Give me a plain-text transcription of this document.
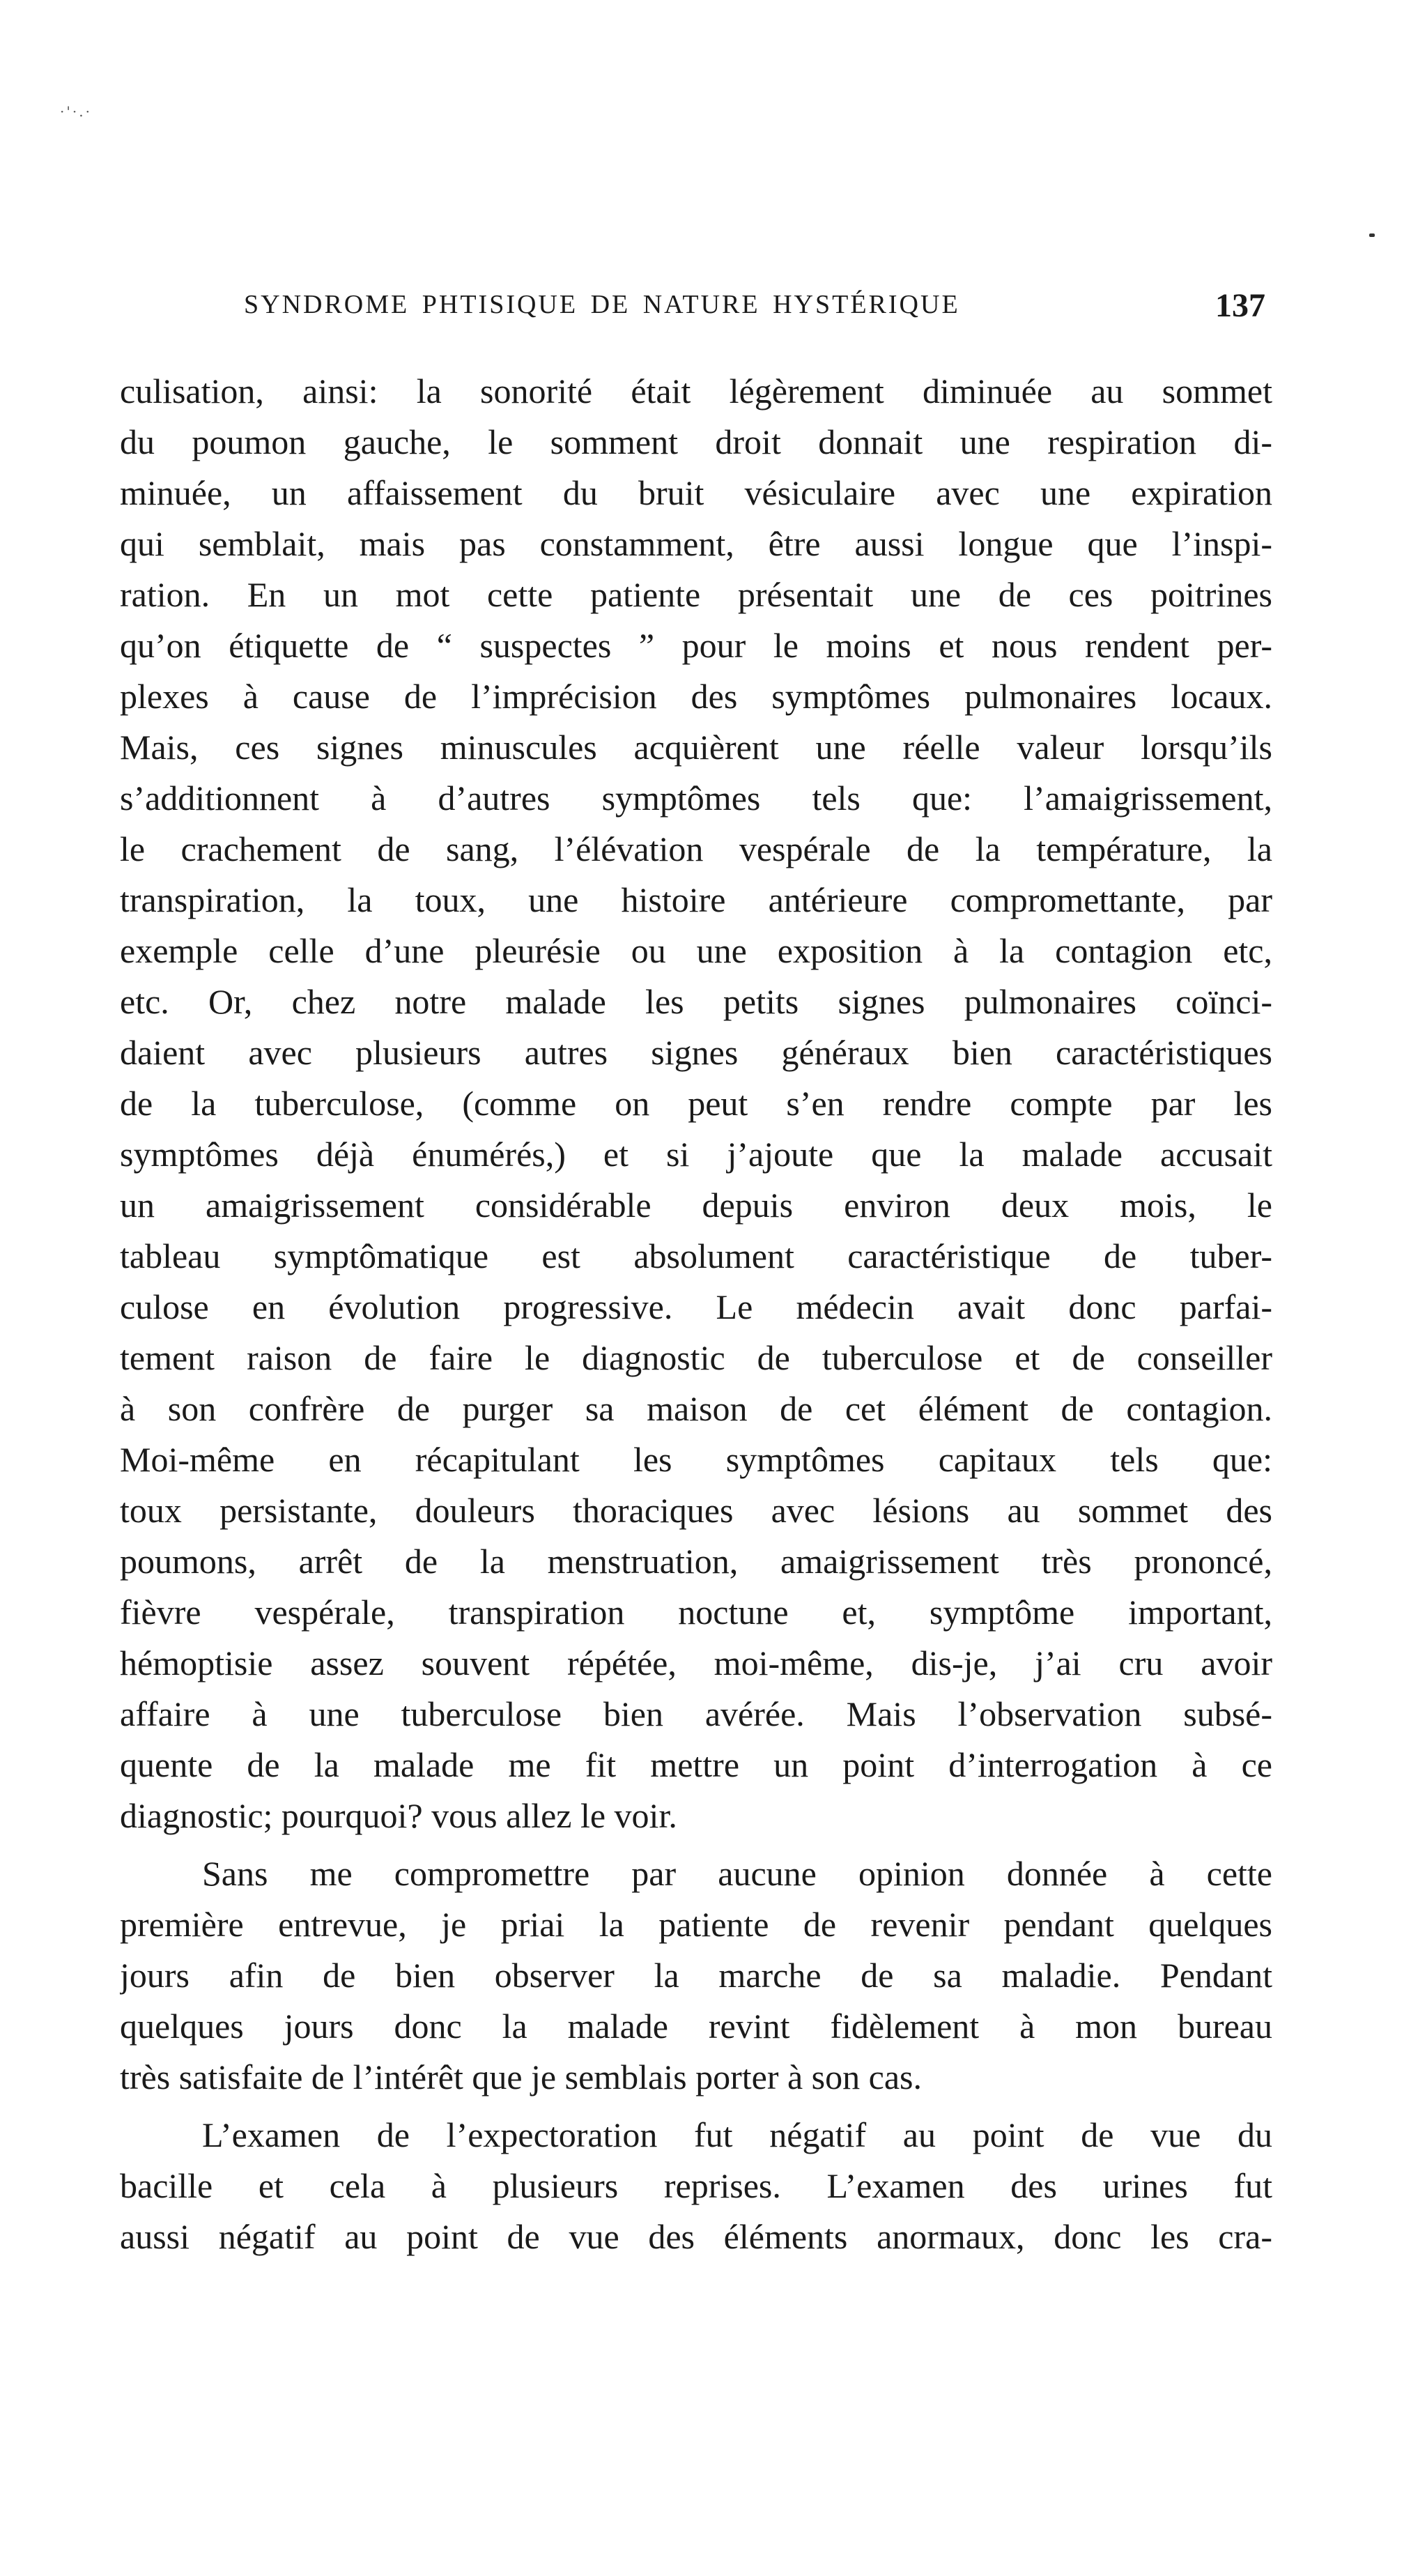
·'·.·
SYNDROME PHTISIQUE DE NATURE HYSTÉRIQUE	137
culisation, ainsi: la sonorité était légèrement diminuée au sommet
du poumon gauche, le somment droit donnait une respiration di-
minuée, un affaissement du bruit vésiculaire avec une expiration
qui semblait, mais pas constamment, être aussi longue que l’inspi-
ration. En un mot cette patiente présentait une de ces poitrines
qu’on étiquette de “ suspectes ” pour le moins et nous rendent per-
plexes à cause de l’imprécision des symptômes pulmonaires locaux.
Mais, ces signes minuscules acquièrent une réelle valeur lorsqu’ils
s’additionnent à d’autres symptômes tels que: l’amaigrissement,
le crachement de sang, l’élévation vespérale de la température, la
transpiration, la toux, une histoire antérieure compromettante, par
exemple celle d’une pleurésie ou une exposition à la contagion etc,
etc. Or, chez notre malade les petits signes pulmonaires coïnci-
daient avec plusieurs autres signes généraux bien caractéristiques
de la tuberculose, (comme on peut s’en rendre compte par les
symptômes déjà énumérés,) et si j’ajoute que la malade accusait
un amaigrissement considérable depuis environ deux mois, le
tableau symptômatique est absolument caractéristique de tuber-
culose en évolution progressive. Le médecin avait donc parfai-
tement raison de faire le diagnostic de tuberculose et de conseiller
à son confrère de purger sa maison de cet élément de contagion.
Moi-même en récapitulant les symptômes capitaux tels que:
toux persistante, douleurs thoraciques avec lésions au sommet des
poumons, arrêt de la menstruation, amaigrissement très prononcé,
fièvre vespérale, transpiration noctune et, symptôme important,
hémoptisie assez souvent répétée, moi-même, dis-je, j’ai cru avoir
affaire à une tuberculose bien avérée. Mais l’observation subsé-
quente de la malade me fit mettre un point d’interrogation à ce
diagnostic; pourquoi? vous allez le voir.
Sans me compromettre par aucune opinion donnée à cette
première entrevue, je priai la patiente de revenir pendant quelques
jours afin de bien observer la marche de sa maladie. Pendant
quelques jours donc la malade revint fidèlement à mon bureau
très satisfaite de l’intérêt que je semblais porter à son cas.
L’examen de l’expectoration fut négatif au point de vue du
bacille et cela à plusieurs reprises. L’examen des urines fut
aussi négatif au point de vue des éléments anormaux, donc les cra-
